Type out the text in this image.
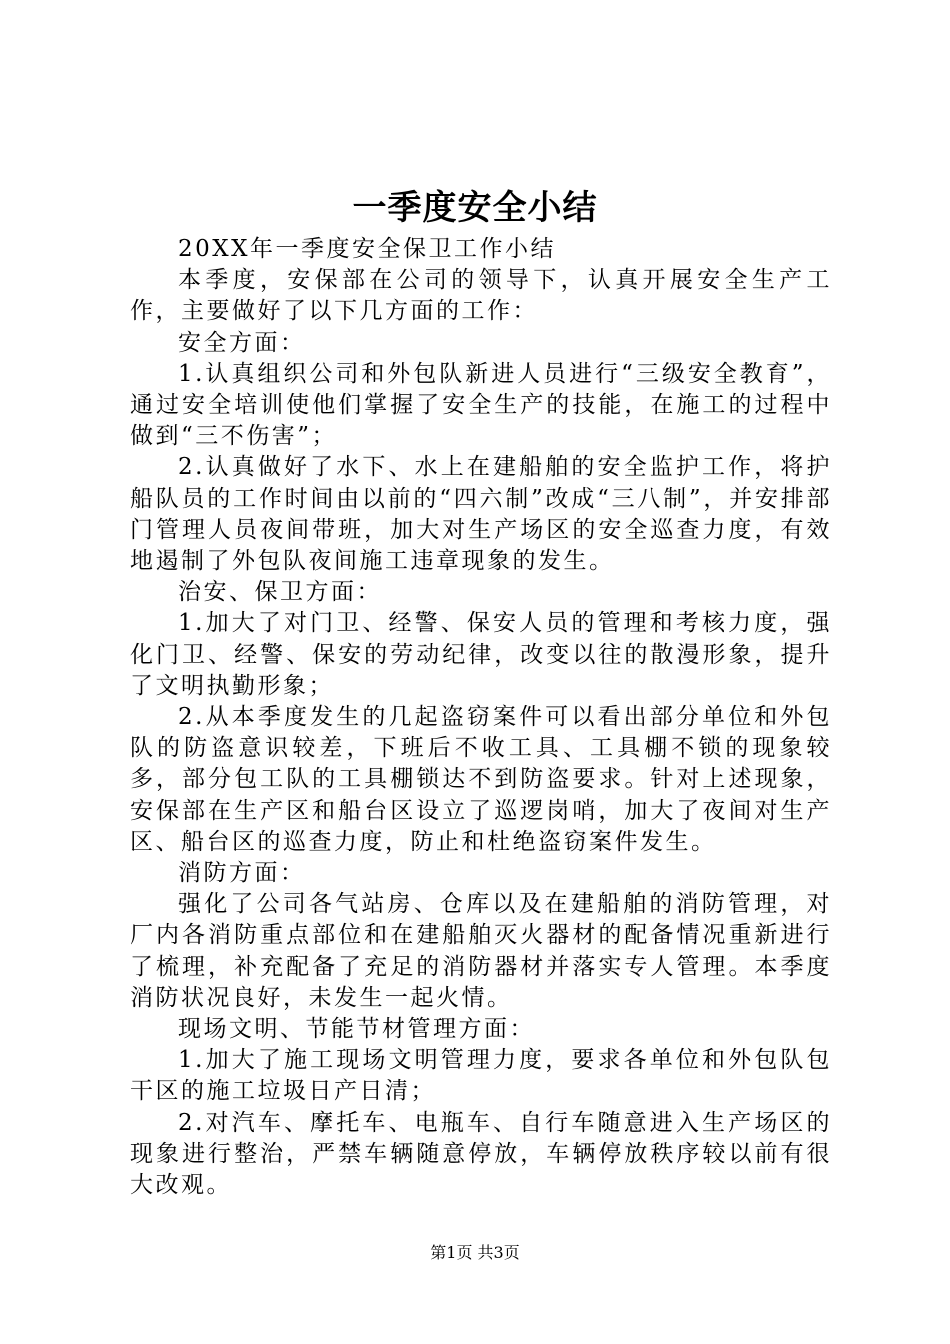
一季度安全小结

20XX年一季度安全保卫工作小结

本季度，安保部在公司的领导下，认真开展安全生产工作，主要做好了以下几方面的工作：

安全方面：

1.认真组织公司和外包队新进人员进行“三级安全教育”，通过安全培训使他们掌握了安全生产的技能，在施工的过程中做到“三不伤害”；

2.认真做好了水下、水上在建船舶的安全监护工作，将护船队员的工作时间由以前的“四六制”改成“三八制”，并安排部门管理人员夜间带班，加大对生产场区的安全巡查力度，有效地遏制了外包队夜间施工违章现象的发生。

治安、保卫方面：

1.加大了对门卫、经警、保安人员的管理和考核力度，强化门卫、经警、保安的劳动纪律，改变以往的散漫形象，提升了文明执勤形象；

2.从本季度发生的几起盗窃案件可以看出部分单位和外包队的防盗意识较差，下班后不收工具、工具棚不锁的现象较多，部分包工队的工具棚锁达不到防盗要求。针对上述现象，安保部在生产区和船台区设立了巡逻岗哨，加大了夜间对生产区、船台区的巡查力度，防止和杜绝盗窃案件发生。

消防方面：

强化了公司各气站房、仓库以及在建船舶的消防管理，对厂内各消防重点部位和在建船舶灭火器材的配备情况重新进行了梳理，补充配备了充足的消防器材并落实专人管理。本季度消防状况良好，未发生一起火情。

现场文明、节能节材管理方面：

1.加大了施工现场文明管理力度，要求各单位和外包队包干区的施工垃圾日产日清；

2.对汽车、摩托车、电瓶车、自行车随意进入生产场区的现象进行整治，严禁车辆随意停放，车辆停放秩序较以前有很大改观。

第1页 共3页
